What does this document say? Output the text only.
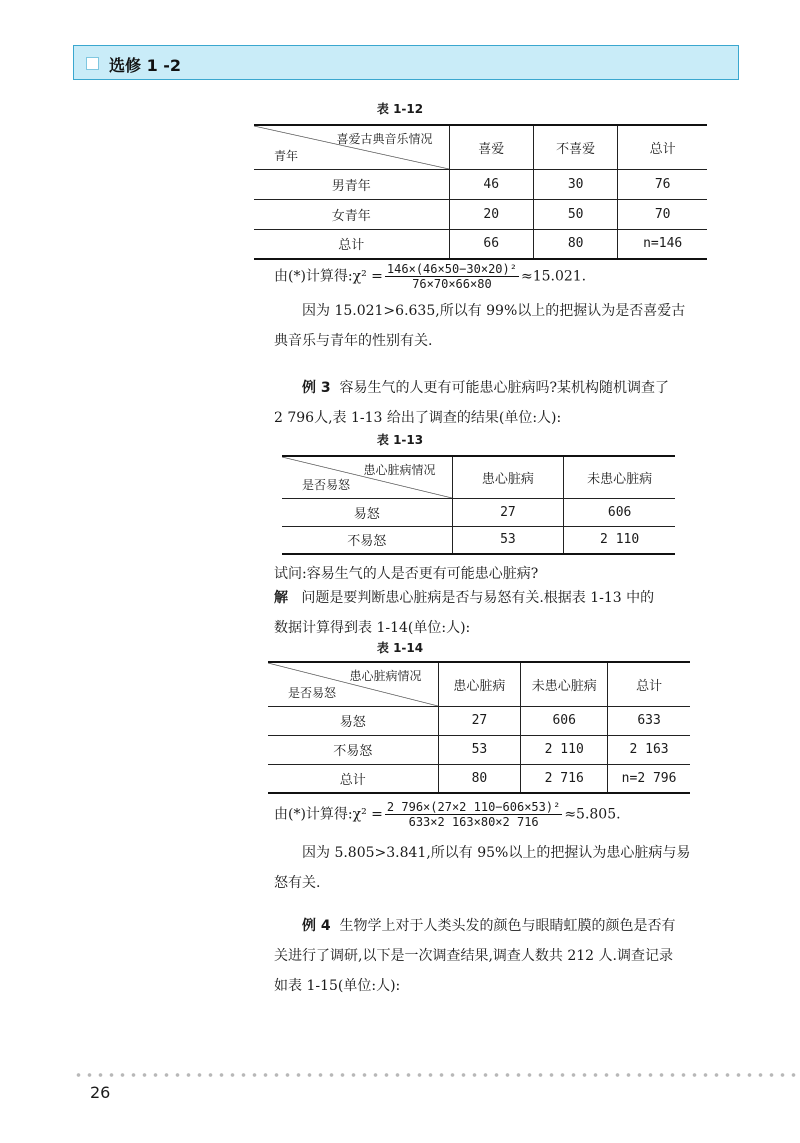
选修 1 -2
表 1-12
喜爱古典音乐情况
青年	喜爱	不喜爱	总计
男青年	46	30	76
女青年	20	50	70
总计	66	80	n=146
由(*)计算得:χ² = $\frac{\text{146×(46×50−30×20)²}}{76\times 70\times 66\times 80} \approx 15.021$.
因为 15.021>6.635,所以有 99%以上的把握认为是否喜爱古
典音乐与青年的性别有关.
例 3 容易生气的人更有可能患心脏病吗?某机构随机调查了
2 796人,表 1-13 给出了调查的结果(单位:人):
表 1-13
患心脏病情况
是否易怒	患心脏病	未患心脏病
易怒	27	606
不易怒	53	2 110
试问:容易生气的人是否更有可能患心脏病?
解 问题是要判断患心脏病是否与易怒有关.根据表 1-13 中的
数据计算得到表 1-14(单位:人):
表 1-14
患心脏病情况
是否易怒	患心脏病	未患心脏病	总计
易怒	27	606	633
不易怒	53	2 110	2 163
总计	80	2 716	n=2 796
由(*)计算得:χ² = $\frac{\text{2 796×(27×2 110−606×53)²}}{633\times 2 163\times 80\times 2 716} \approx 5.805$.
因为 5.805>3.841,所以有 95%以上的把握认为患心脏病与易
怒有关.
例 4 生物学上对于人类头发的颜色与眼睛虹膜的颜色是否有
关进行了调研,以下是一次调查结果,调查人数共 212 人.调查记录
如表 1-15(单位:人):
26
